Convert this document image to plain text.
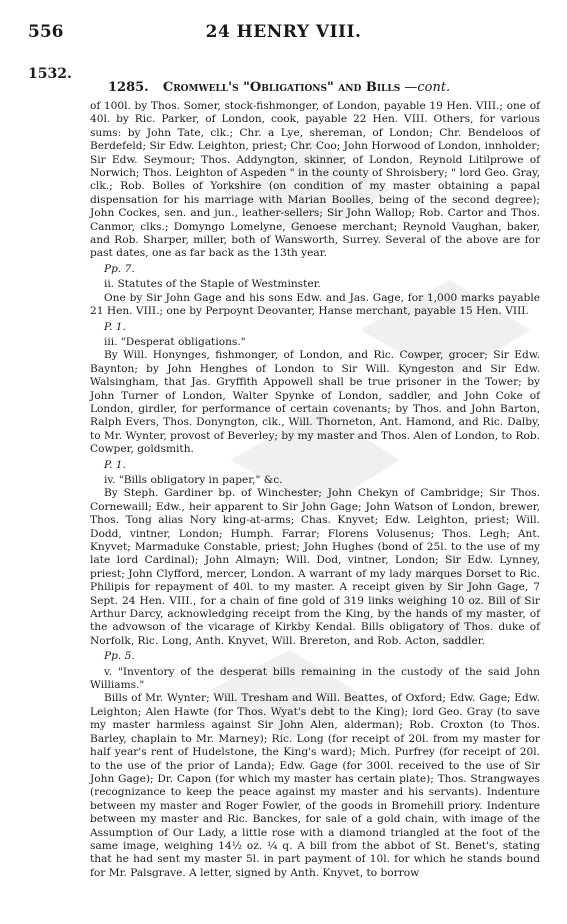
556	24 HENRY VIII.
1532.
1285. Cromwell's "Obligations" and Bills —cont.

of 100l. by Thos. Somer, stock-fishmonger, of London, payable 19 Hen. VIII.; one of 40l. by Ric. Parker, of London, cook, payable 22 Hen. VIII. Others, for various sums: by John Tate, clk.; Chr. a Lye, shereman, of London; Chr. Bendeloos of Berdefeld; Sir Edw. Leighton, priest; Chr. Coo; John Horwood of London, innholder; Sir Edw. Seymour; Thos. Addyngton, skinner, of London, Reynold Litilprowe of Norwich; Thos. Leighton of Aspeden " in the county of Shroisbery; " lord Geo. Gray, clk.; Rob. Bolles of Yorkshire (on condition of my master obtaining a papal dispensation for his marriage with Marian Boolles, being of the second degree); John Cockes, sen. and jun., leather-sellers; Sir John Wallop; Rob. Cartor and Thos. Canmor, clks.; Domyngo Lomelyne, Genoese merchant; Reynold Vaughan, baker, and Rob. Sharper, miller, both of Wansworth, Surrey. Several of the above are for past dates, one as far back as the 13th year.

Pp. 7.

ii. Statutes of the Staple of Westminster.

One by Sir John Gage and his sons Edw. and Jas. Gage, for 1,000 marks payable 21 Hen. VIII.; one by Perpoynt Deovanter, Hanse merchant, payable 15 Hen. VIII.

P. 1.

iii. "Desperat obligations."

By Will. Honynges, fishmonger, of London, and Ric. Cowper, grocer; Sir Edw. Baynton; by John Henghes of London to Sir Will. Kyngeston and Sir Edw. Walsingham, that Jas. Gryffith Appowell shall be true prisoner in the Tower; by John Turner of London, Walter Spynke of London, saddler, and John Coke of London, girdler, for performance of certain covenants; by Thos. and John Barton, Ralph Evers, Thos. Donyngton, clk., Will. Thorneton, Ant. Hamond, and Ric. Dalby, to Mr. Wynter, provost of Beverley; by my master and Thos. Alen of London, to Rob. Cowper, goldsmith.

P. 1.

iv. "Bills obligatory in paper," &c.

By Steph. Gardiner bp. of Winchester; John Chekyn of Cambridge; Sir Thos. Cornewaill; Edw., heir apparent to Sir John Gage; John Watson of London, brewer, Thos. Tong alias Nory king-at-arms; Chas. Knyvet; Edw. Leighton, priest; Will. Dodd, vintner, London; Humph. Farrar; Florens Volusenus; Thos. Legh; Ant. Knyvet; Marmaduke Constable, priest; John Hughes (bond of 25l. to the use of my late lord Cardinal); John Almayn; Will. Dod, vintner, London; Sir Edw. Lynney, priest; John Clyfford, mercer, London. A warrant of my lady marques Dorset to Ric. Philipis for repayment of 40l. to my master. A receipt given by Sir John Gage, 7 Sept. 24 Hen. VIII., for a chain of fine gold of 319 links weighing 10 oz. Bill of Sir Arthur Darcy, acknowledging receipt from the King, by the hands of my master, of the advowson of the vicarage of Kirkby Kendal. Bills obligatory of Thos. duke of Norfolk, Ric. Long, Anth. Knyvet, Will. Brereton, and Rob. Acton, saddler.

Pp. 5.

v. "Inventory of the desperat bills remaining in the custody of the said John Williams."

Bills of Mr. Wynter; Will. Tresham and Will. Beattes, of Oxford; Edw. Gage; Edw. Leighton; Alen Hawte (for Thos. Wyat's debt to the King); lord Geo. Gray (to save my master harmless against Sir John Alen, alderman); Rob. Croxton (to Thos. Barley, chaplain to Mr. Marney); Ric. Long (for receipt of 20l. from my master for half year's rent of Hudelstone, the King's ward); Mich. Purfrey (for receipt of 20l. to the use of the prior of Landa); Edw. Gage (for 300l. received to the use of Sir John Gage); Dr. Capon (for which my master has certain plate); Thos. Strangwayes (recognizance to keep the peace against my master and his servants). Indenture between my master and Roger Fowler, of the goods in Bromehill priory. Indenture between my master and Ric. Banckes, for sale of a gold chain, with image of the Assumption of Our Lady, a little rose with a diamond triangled at the foot of the same image, weighing 14½ oz. ¼ q. A bill from the abbot of St. Benet's, stating that he had sent my master 5l. in part payment of 10l. for which he stands bound for Mr. Palsgrave. A letter, signed by Anth. Knyvet, to borrow
